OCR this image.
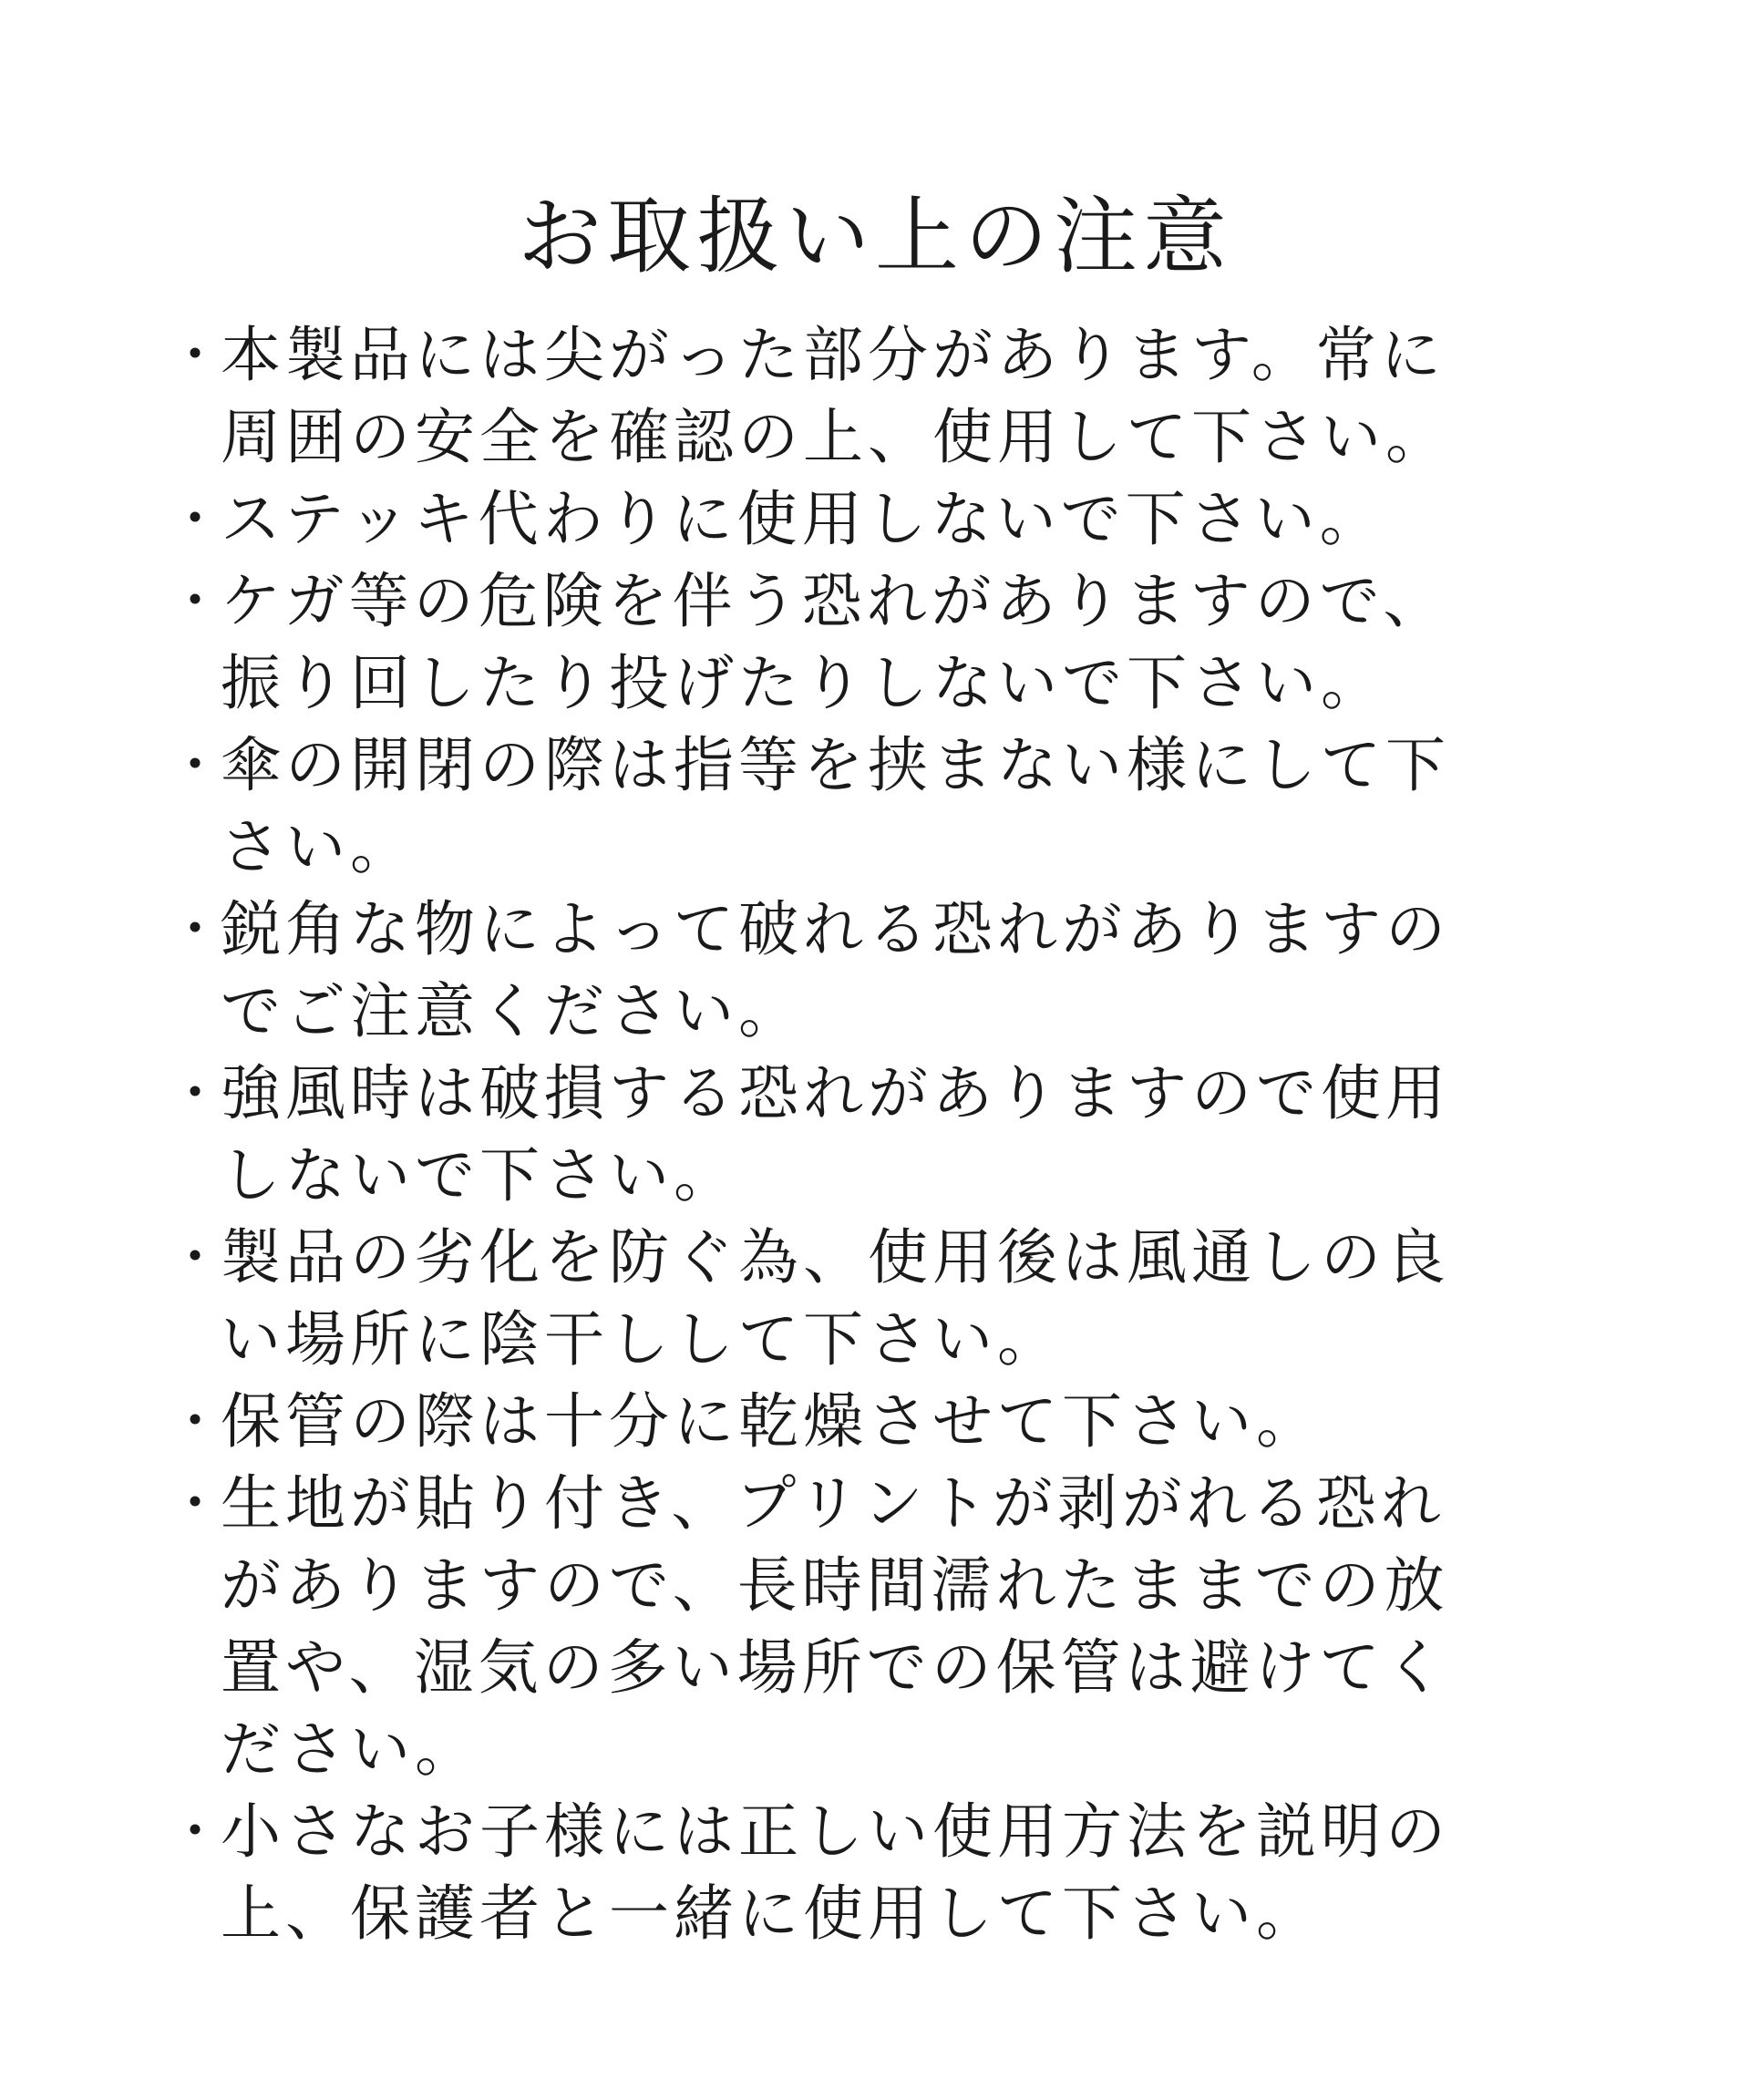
お取扱い上の注意
・
本製品には尖がった部分があります。常に
周囲の安全を確認の上、使用して下さい。
・
ステッキ代わりに使用しないで下さい。
・
ケガ等の危険を伴う恐れがありますので、
振り回したり投げたりしないで下さい。
・
傘の開閉の際は指等を挟まない様にして下
さい。
・
鋭角な物によって破れる恐れがありますの
でご注意ください。
・
強風時は破損する恐れがありますので使用
しないで下さい。
・
製品の劣化を防ぐ為、使用後は風通しの良
い場所に陰干しして下さい。
・
保管の際は十分に乾燥させて下さい。
・
生地が貼り付き、プリントが剥がれる恐れ
がありますので、長時間濡れたままでの放
置や、湿気の多い場所での保管は避けてく
ださい。
・
小さなお子様には正しい使用方法を説明の
上、保護者と一緒に使用して下さい。
